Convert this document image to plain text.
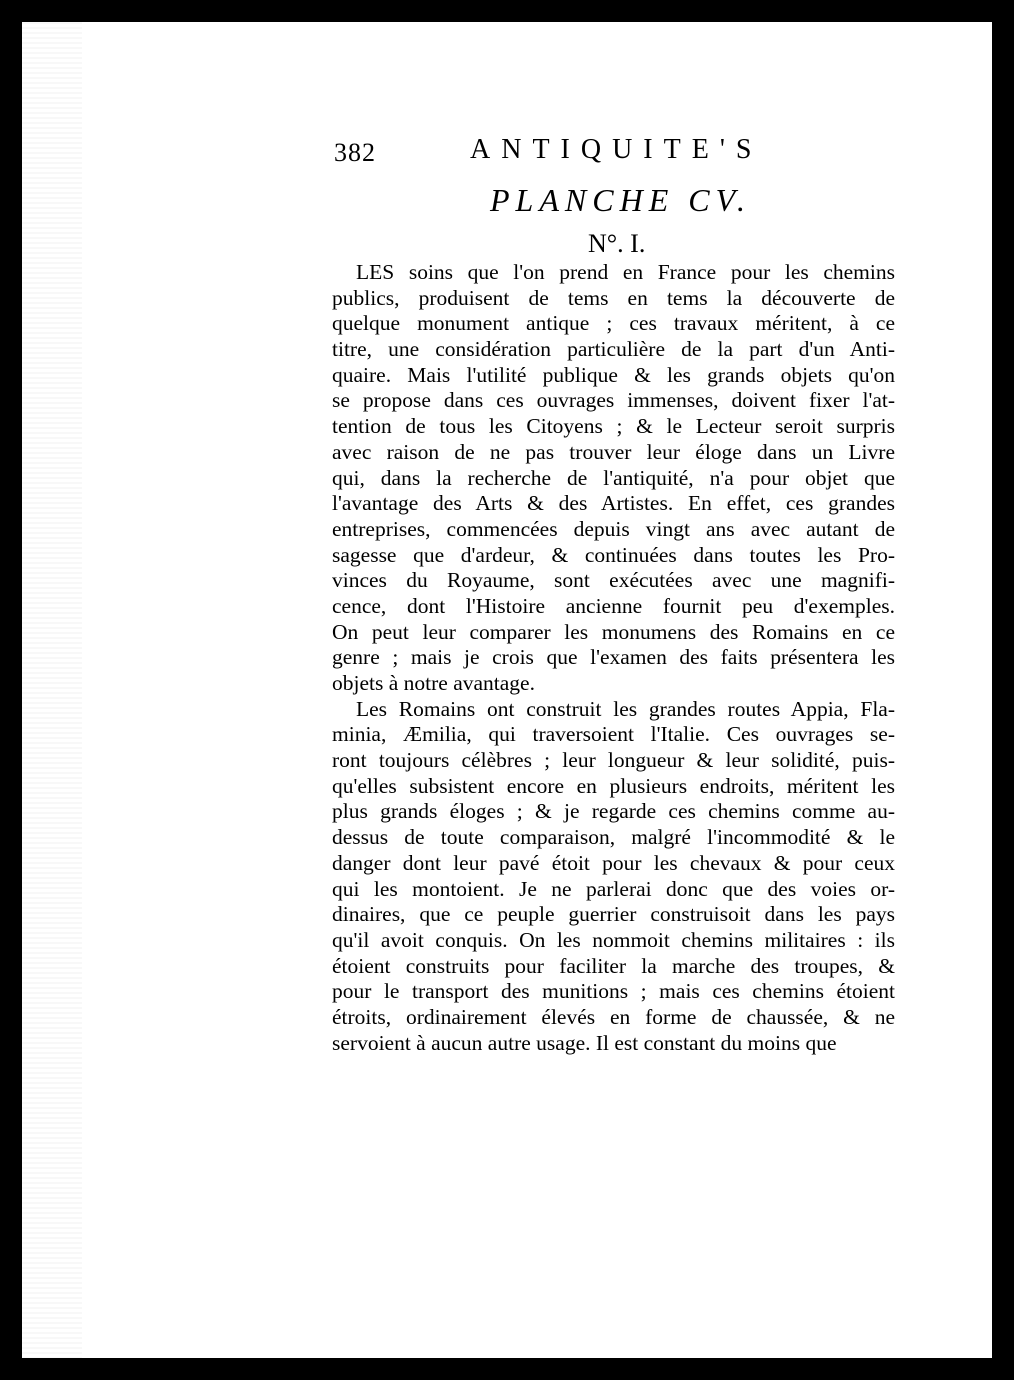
382	ANTIQUITE'S
PLANCHE CV.
N°. I.
LES soins que l'on prend en France pour les chemins
publics, produisent de tems en tems la découverte de
quelque monument antique ; ces travaux méritent, à ce
titre, une considération particulière de la part d'un Anti-
quaire. Mais l'utilité publique & les grands objets qu'on
se propose dans ces ouvrages immenses, doivent fixer l'at-
tention de tous les Citoyens ; & le Lecteur seroit surpris
avec raison de ne pas trouver leur éloge dans un Livre
qui, dans la recherche de l'antiquité, n'a pour objet que
l'avantage des Arts & des Artistes. En effet, ces grandes
entreprises, commencées depuis vingt ans avec autant de
sagesse que d'ardeur, & continuées dans toutes les Pro-
vinces du Royaume, sont exécutées avec une magnifi-
cence, dont l'Histoire ancienne fournit peu d'exemples.
On peut leur comparer les monumens des Romains en ce
genre ; mais je crois que l'examen des faits présentera les
objets à notre avantage.
Les Romains ont construit les grandes routes Appia, Fla-
minia, Æmilia, qui traversoient l'Italie. Ces ouvrages se-
ront toujours célèbres ; leur longueur & leur solidité, puis-
qu'elles subsistent encore en plusieurs endroits, méritent les
plus grands éloges ; & je regarde ces chemins comme au-
dessus de toute comparaison, malgré l'incommodité & le
danger dont leur pavé étoit pour les chevaux & pour ceux
qui les montoient. Je ne parlerai donc que des voies or-
dinaires, que ce peuple guerrier construisoit dans les pays
qu'il avoit conquis. On les nommoit chemins militaires : ils
étoient construits pour faciliter la marche des troupes, &
pour le transport des munitions ; mais ces chemins étoient
étroits, ordinairement élevés en forme de chaussée, & ne
servoient à aucun autre usage. Il est constant du moins que
